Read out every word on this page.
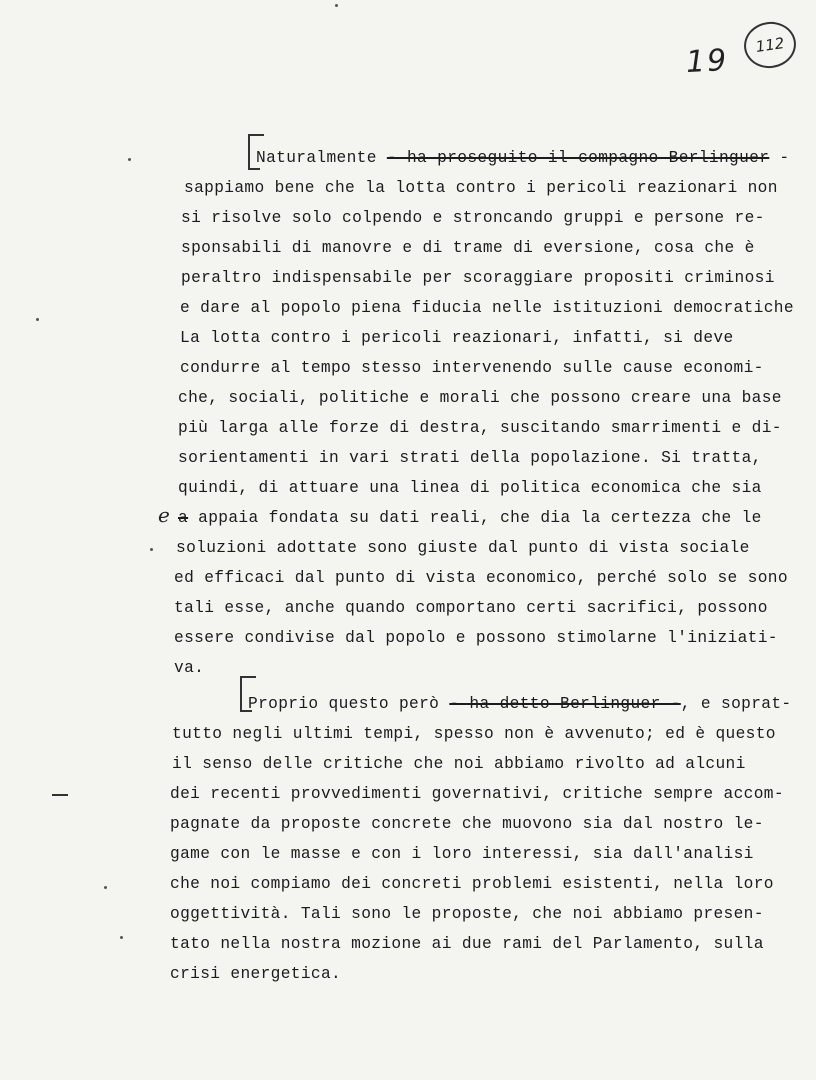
19 112
Naturalmente - ha proseguito il compagno Berlinguer -
sappiamo bene che la lotta contro i pericoli reazionari non
si risolve solo colpendo e stroncando gruppi e persone re-
sponsabili di manovre e di trame di eversione, cosa che è
peraltro indispensabile per scoraggiare propositi criminosi
e dare al popolo piena fiducia nelle istituzioni democratiche
La lotta contro i pericoli reazionari, infatti, si deve
condurre al tempo stesso intervenendo sulle cause economi-
che, sociali, politiche e morali che possono creare una base
più larga alle forze di destra, suscitando smarrimenti e di-
sorientamenti in vari strati della popolazione. Si tratta,
quindi, di attuare una linea di politica economica che sia
e a appaia fondata su dati reali, che dia la certezza che le
soluzioni adottate sono giuste dal punto di vista sociale
ed efficaci dal punto di vista economico, perché solo se sono
tali esse, anche quando comportano certi sacrifici, possono
essere condivise dal popolo e possono stimolarne l'iniziati-
va.
Proprio questo però - ha detto Berlinguer -, e soprat-
tutto negli ultimi tempi, spesso non è avvenuto; ed è questo
il senso delle critiche che noi abbiamo rivolto ad alcuni
dei recenti provvedimenti governativi, critiche sempre accom-
pagnate da proposte concrete che muovono sia dal nostro le-
game con le masse e con i loro interessi, sia dall'analisi
che noi compiamo dei concreti problemi esistenti, nella loro
oggettività. Tali sono le proposte, che noi abbiamo presen-
tato nella nostra mozione ai due rami del Parlamento, sulla
crisi energetica.
